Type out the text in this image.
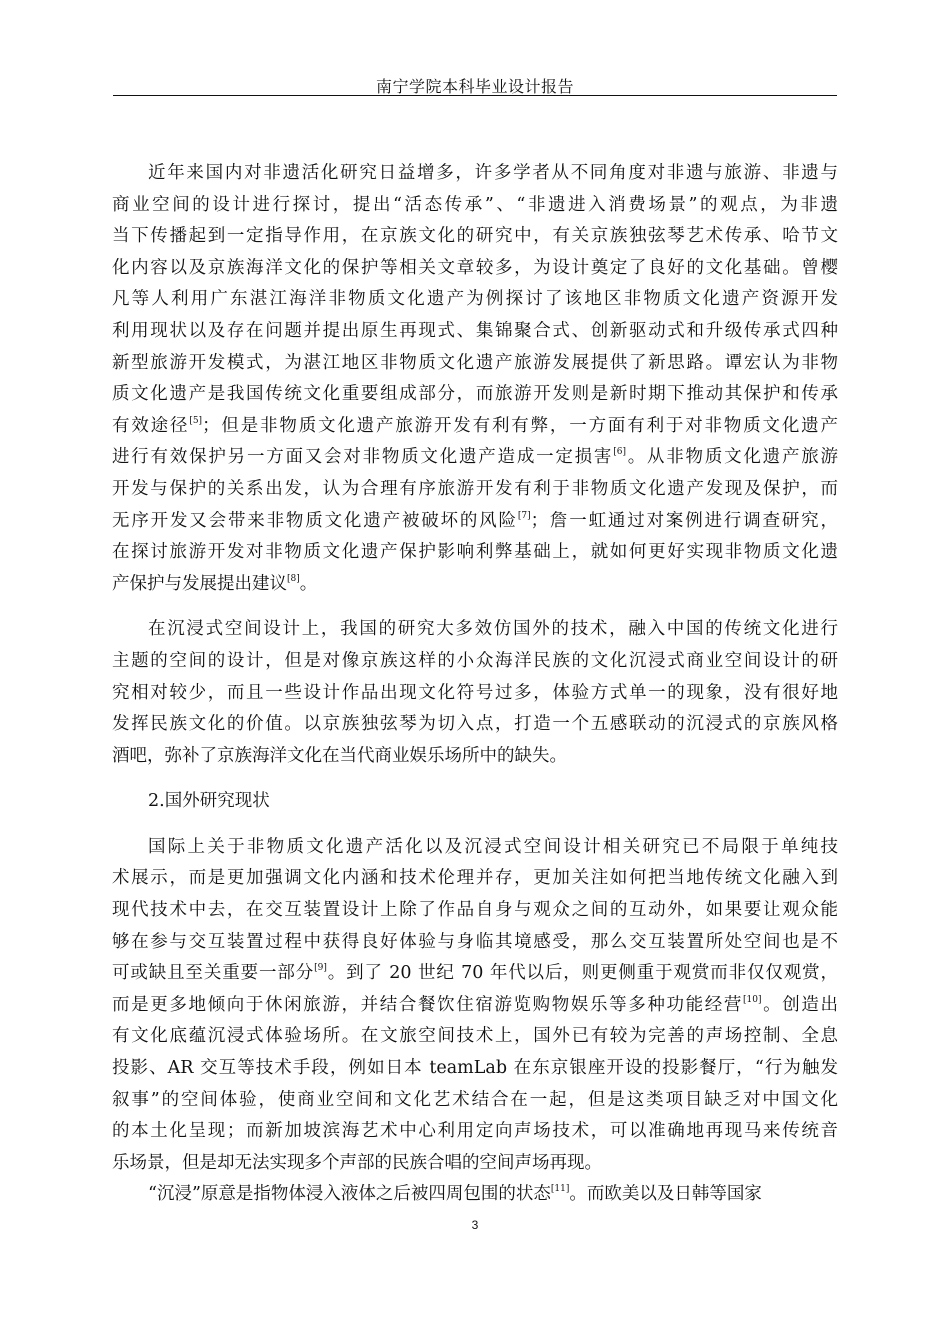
南宁学院本科毕业设计报告
近年来国内对非遗活化研究日益增多，许多学者从不同角度对非遗与旅游、非遗与
商业空间的设计进行探讨，提出“活态传承”、“非遗进入消费场景”的观点，为非遗
当下传播起到一定指导作用，在京族文化的研究中，有关京族独弦琴艺术传承、哈节文
化内容以及京族海洋文化的保护等相关文章较多，为设计奠定了良好的文化基础。曾樱
凡等人利用广东湛江海洋非物质文化遗产为例探讨了该地区非物质文化遗产资源开发
利用现状以及存在问题并提出原生再现式、集锦聚合式、创新驱动式和升级传承式四种
新型旅游开发模式，为湛江地区非物质文化遗产旅游发展提供了新思路。谭宏认为非物
质文化遗产是我国传统文化重要组成部分，而旅游开发则是新时期下推动其保护和传承
有效途径[5]；但是非物质文化遗产旅游开发有利有弊，一方面有利于对非物质文化遗产
进行有效保护另一方面又会对非物质文化遗产造成一定损害[6]。从非物质文化遗产旅游
开发与保护的关系出发，认为合理有序旅游开发有利于非物质文化遗产发现及保护，而
无序开发又会带来非物质文化遗产被破坏的风险[7]；詹一虹通过对案例进行调查研究，
在探讨旅游开发对非物质文化遗产保护影响利弊基础上，就如何更好实现非物质文化遗
产保护与发展提出建议[8]。
在沉浸式空间设计上，我国的研究大多效仿国外的技术，融入中国的传统文化进行
主题的空间的设计，但是对像京族这样的小众海洋民族的文化沉浸式商业空间设计的研
究相对较少，而且一些设计作品出现文化符号过多，体验方式单一的现象，没有很好地
发挥民族文化的价值。以京族独弦琴为切入点，打造一个五感联动的沉浸式的京族风格
酒吧，弥补了京族海洋文化在当代商业娱乐场所中的缺失。
2.国外研究现状
国际上关于非物质文化遗产活化以及沉浸式空间设计相关研究已不局限于单纯技
术展示，而是更加强调文化内涵和技术伦理并存，更加关注如何把当地传统文化融入到
现代技术中去，在交互装置设计上除了作品自身与观众之间的互动外，如果要让观众能
够在参与交互装置过程中获得良好体验与身临其境感受，那么交互装置所处空间也是不
可或缺且至关重要一部分[9]。到了 20 世纪 70 年代以后，则更侧重于观赏而非仅仅观赏，
而是更多地倾向于休闲旅游，并结合餐饮住宿游览购物娱乐等多种功能经营[10]。创造出
有文化底蕴沉浸式体验场所。在文旅空间技术上，国外已有较为完善的声场控制、全息
投影、AR 交互等技术手段，例如日本 teamLab 在东京银座开设的投影餐厅，“行为触发
叙事”的空间体验，使商业空间和文化艺术结合在一起，但是这类项目缺乏对中国文化
的本土化呈现；而新加坡滨海艺术中心利用定向声场技术，可以准确地再现马来传统音
乐场景，但是却无法实现多个声部的民族合唱的空间声场再现。
“沉浸”原意是指物体浸入液体之后被四周包围的状态[11]。而欧美以及日韩等国家
3
